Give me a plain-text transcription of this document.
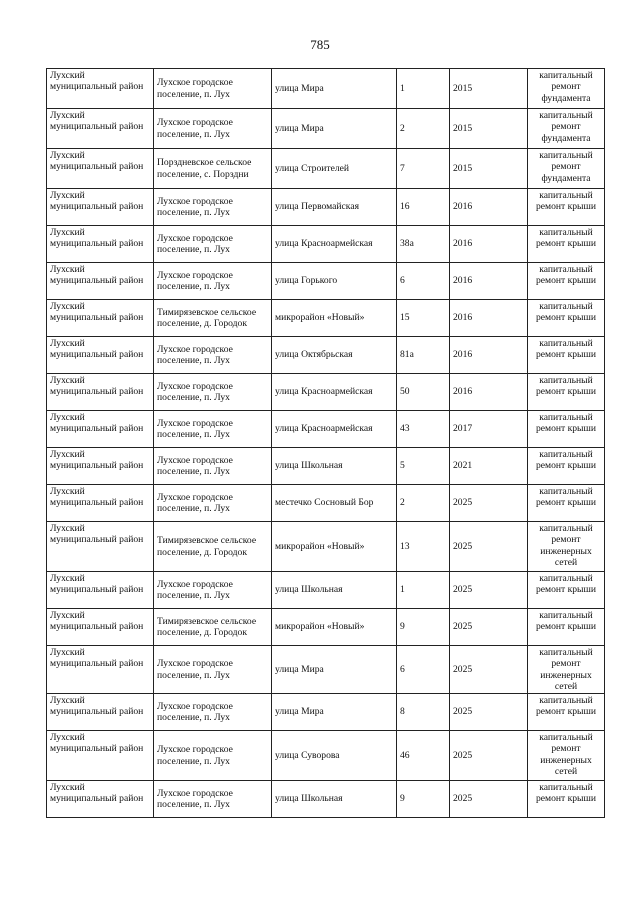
785
Лухский муниципальный район	Лухское городское поселение, п. Лух	улица Мира	1	2015	капитальный ремонт фундамента
Лухский муниципальный район	Лухское городское поселение, п. Лух	улица Мира	2	2015	капитальный ремонт фундамента
Лухский муниципальный район	Порздневское сельское поселение, с. Порздни	улица Строителей	7	2015	капитальный ремонт фундамента
Лухский муниципальный район	Лухское городское поселение, п. Лух	улица Первомайская	16	2016	капитальный ремонт крыши
Лухский муниципальный район	Лухское городское поселение, п. Лух	улица Красноармейская	38а	2016	капитальный ремонт крыши
Лухский муниципальный район	Лухское городское поселение, п. Лух	улица Горького	6	2016	капитальный ремонт крыши
Лухский муниципальный район	Тимирязевское сельское поселение, д. Городок	микрорайон «Новый»	15	2016	капитальный ремонт крыши
Лухский муниципальный район	Лухское городское поселение, п. Лух	улица Октябрьская	81а	2016	капитальный ремонт крыши
Лухский муниципальный район	Лухское городское поселение, п. Лух	улица Красноармейская	50	2016	капитальный ремонт крыши
Лухский муниципальный район	Лухское городское поселение, п. Лух	улица Красноармейская	43	2017	капитальный ремонт крыши
Лухский муниципальный район	Лухское городское поселение, п. Лух	улица Школьная	5	2021	капитальный ремонт крыши
Лухский муниципальный район	Лухское городское поселение, п. Лух	местечко Сосновый Бор	2	2025	капитальный ремонт крыши
Лухский муниципальный район	Тимирязевское сельское поселение, д. Городок	микрорайон «Новый»	13	2025	капитальный ремонт инженерных сетей
Лухский муниципальный район	Лухское городское поселение, п. Лух	улица Школьная	1	2025	капитальный ремонт крыши
Лухский муниципальный район	Тимирязевское сельское поселение, д. Городок	микрорайон «Новый»	9	2025	капитальный ремонт крыши
Лухский муниципальный район	Лухское городское поселение, п. Лух	улица Мира	6	2025	капитальный ремонт инженерных сетей
Лухский муниципальный район	Лухское городское поселение, п. Лух	улица Мира	8	2025	капитальный ремонт крыши
Лухский муниципальный район	Лухское городское поселение, п. Лух	улица Суворова	46	2025	капитальный ремонт инженерных сетей
Лухский муниципальный район	Лухское городское поселение, п. Лух	улица Школьная	9	2025	капитальный ремонт крыши
